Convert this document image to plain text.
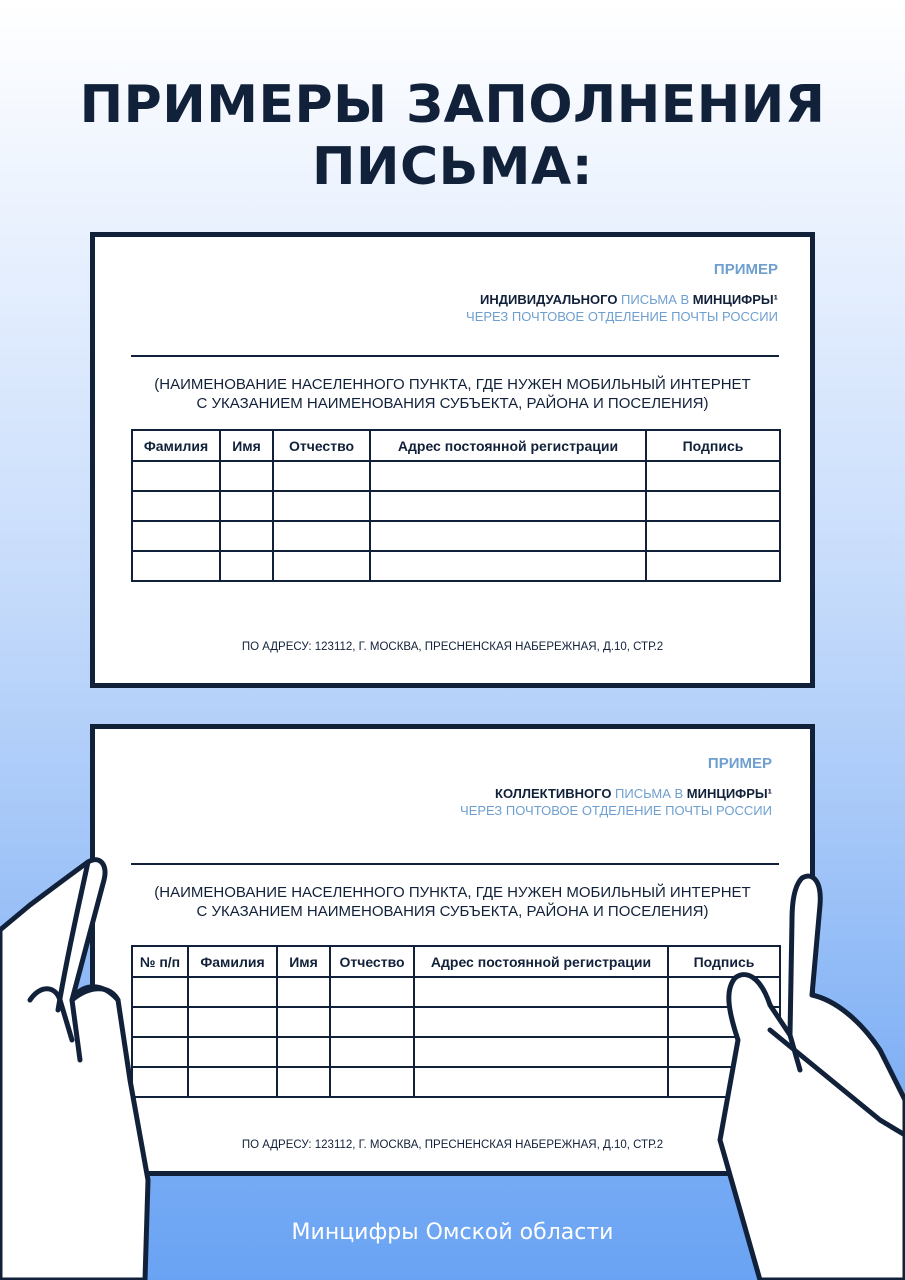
ПРИМЕРЫ ЗАПОЛНЕНИЯ
ПИСЬМА:
ПРИМЕР
ИНДИВИДУАЛЬНОГО ПИСЬМА В МИНЦИФРЫ¹
ЧЕРЕЗ ПОЧТОВОЕ ОТДЕЛЕНИЕ ПОЧТЫ РОССИИ
(НАИМЕНОВАНИЕ НАСЕЛЕННОГО ПУНКТА, ГДЕ НУЖЕН МОБИЛЬНЫЙ ИНТЕРНЕТ
С УКАЗАНИЕМ НАИМЕНОВАНИЯ СУБЪЕКТА, РАЙОНА И ПОСЕЛЕНИЯ)
Фамилия	Имя	Отчество	Адрес постоянной регистрации	Подпись

ПО АДРЕСУ: 123112, Г. МОСКВА, ПРЕСНЕНСКАЯ НАБЕРЕЖНАЯ, Д.10, СТР.2
ПРИМЕР
КОЛЛЕКТИВНОГО ПИСЬМА В МИНЦИФРЫ¹
ЧЕРЕЗ ПОЧТОВОЕ ОТДЕЛЕНИЕ ПОЧТЫ РОССИИ
(НАИМЕНОВАНИЕ НАСЕЛЕННОГО ПУНКТА, ГДЕ НУЖЕН МОБИЛЬНЫЙ ИНТЕРНЕТ
С УКАЗАНИЕМ НАИМЕНОВАНИЯ СУБЪЕКТА, РАЙОНА И ПОСЕЛЕНИЯ)
№ п/п	Фамилия	Имя	Отчество	Адрес постоянной регистрации	Подпись

ПО АДРЕСУ: 123112, Г. МОСКВА, ПРЕСНЕНСКАЯ НАБЕРЕЖНАЯ, Д.10, СТР.2
Минцифры Омской области
